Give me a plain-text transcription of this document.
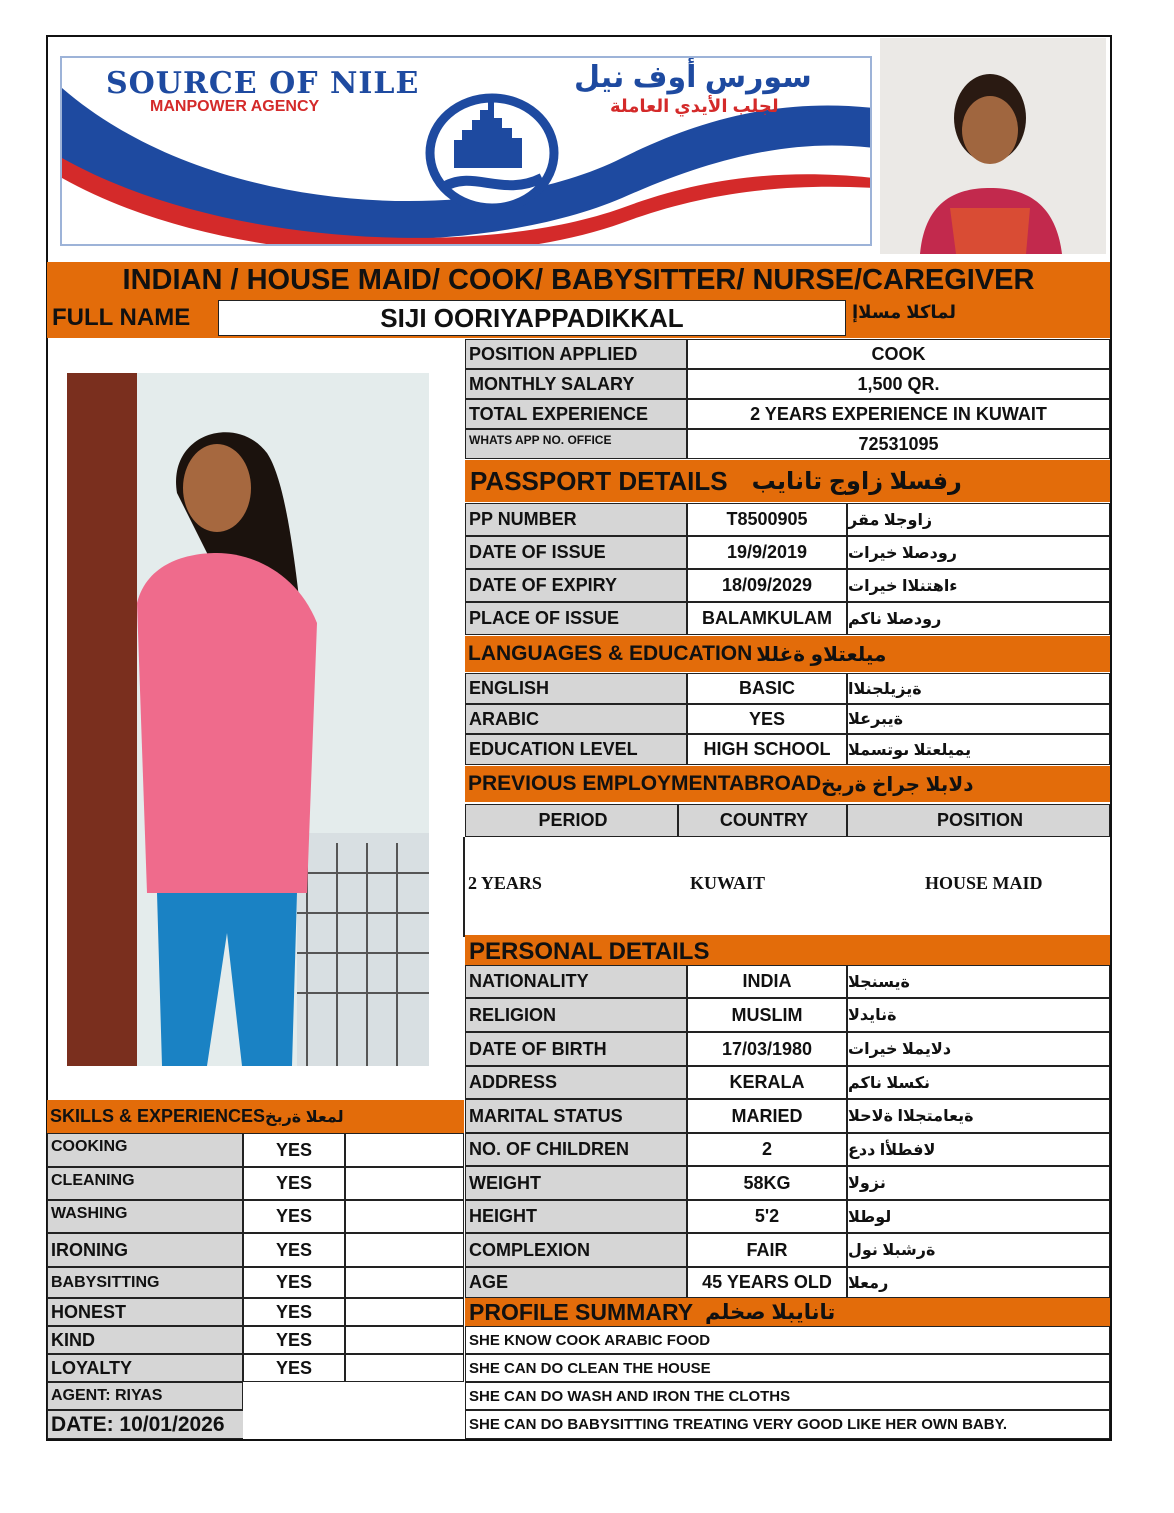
SOURCE OF NILE
MANPOWER AGENCY
سورس أوف نيل
لجلب الأيدي العاملة
INDIAN / HOUSE MAID/ COOK/ BABYSITTER/ NURSE/CAREGIVER
FULL NAME	SIJI OORIYAPPADIKKAL	لماكلا مسلاإ
POSITION APPLIED	COOK
MONTHLY SALARY	1,500 QR.
TOTAL EXPERIENCE	2 YEARS EXPERIENCE IN KUWAIT
WHATS APP NO. OFFICE	72531095
PASSPORT DETAILS رفسلا زاوج تانايب
PP NUMBER	T8500905	زاوجلا مقر
DATE OF ISSUE	19/9/2019	رودصلا خيرات
DATE OF EXPIRY	18/09/2029	ءاهتنلاا خيرات
PLACE OF ISSUE	BALAMKULAM	رودصلا ناكم
LANGUAGES & EDUCATION ميلعتلاو ةغللا
ENGLISH	BASIC	ةيزيلجنلاا
ARABIC	YES	ةيبرعلا
EDUCATION LEVEL	HIGH SCHOOL	يميلعتلا ىوتسملا
PREVIOUS EMPLOYMENTABROAD دلابلا جراخ ةربخ
PERIOD	COUNTRY	POSITION
2 YEARS	KUWAIT	HOUSE MAID
PERSONAL DETAILS
NATIONALITY	INDIA	ةيسنجلا
RELIGION	MUSLIM	ةنايدلا
DATE OF BIRTH	17/03/1980	دلايملا خيرات
ADDRESS	KERALA	نكسلا ناكم
MARITAL STATUS	MARIED	ةيعامتجلاا ةلاحلا
NO. OF CHILDREN	2	لافطلأا ددع
WEIGHT	58KG	نزولا
HEIGHT	5'2	لوطلا
COMPLEXION	FAIR	ةرشبلا نول
AGE	45 YEARS OLD	رمعلا
PROFILE SUMMARY تانايبلا صخلم
SHE KNOW COOK ARABIC FOOD
SHE CAN DO CLEAN THE HOUSE
SHE CAN DO WASH AND IRON THE CLOTHS
SHE CAN DO BABYSITTING TREATING VERY GOOD LIKE HER OWN BABY.
SKILLS & EXPERIENCES لمعلا ةربخ
COOKING	YES
CLEANING	YES
WASHING	YES
IRONING	YES
BABYSITTING	YES
HONEST	YES
KIND	YES
LOYALTY	YES
AGENT: RIYAS
DATE: 10/01/2026
